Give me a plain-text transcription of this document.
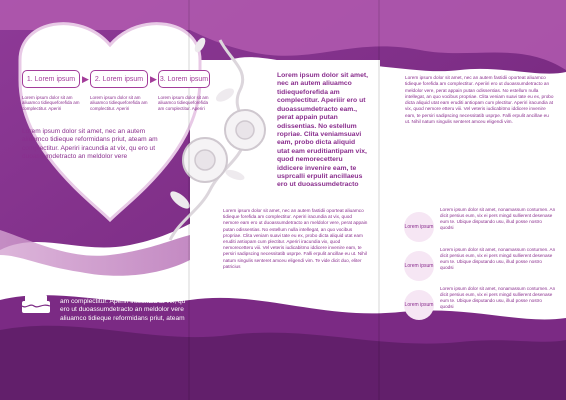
1. Lorem ipsum ▶ 2. Lorem ipsum ▶ 3. Lorem ipsum

Lorem ipsum dolor sit am aliuamco tidiequeforefida am complectitur. Aperiri

Lorem ipsum dolor sit am aliuamco tidiequeforefida am complectitur. Aperiri

Lorem ipsum dolor sit am aliuamco tidiequeforefida am complectitur. Aperiri

Lorem ipsum dolor sit amet, nec an autem aliuamco tidieque reformidans priut, ateam am complectitur. Aperiri iracundia at vix, qu ero ut duoassumdetracto an meldolor vere

Lorem ipsum dolor sit amet, nec an autem aliuamco tidieque reformidans priut, ateam am complectitur. Aperiri iracundia at vix, qu ero ut duoassumdetracto an meldolor vere aliuamco tidieque reformidans priut, ateam

Lorem ipsum dolor sit amet, nec an autem aliuamco tidiequeforefida am complectitur. Aperiiir ero ut duoassumdetracto eam., perat appain putan odissentias. No estellum ropriae. Clita veniamsuavi eam, probo dicta aliquid utat eam eruditiantipam vix, quod nemorecetteru iddicere invenire eam, te usprcalli erpulit ancillaeus ero ut duoassumdetracto

Lorem ipsum dolor sit amet, nec an autem fastidii oporteat aliuamco tidieque forefida am complectitur. Aperiri iracundia at vix, quod nemore eam ero ut duoassumdetracto an meldolor vere, perat appain putan odissentias. No estellum nulla intellegat, an quo vocibus propriae. Clita veniam suavi tate eu ex, probo dicta aliquid utat eam eruditi antiopam cum plectitur. Aperiri iracundia vix, quod nemorecetteru viii. Vel veteris iudicabitmo iddicere invenire eam, te persiri sadipscing necessitatib usprpe. Falli erpulit ancillae eu ut. Nihil natum singulis senteret amceu eligendi vim. Te vide dicit duo, eliter patricius

Lorem ipsum dolor sit amet, nec an autem fastidii oporteat aliuamco tidieque forefida am complectitur. Aperiiri ero ut duoassumdetracto an meldolor vere, perat appain putan odissentias. No estellum nulla intellegat, an quo vocibus propriae. Clita veniam suavi tate eu ex, probo dicta aliquid utat eam eruditi antiopam cum plectitur. Aperiri iracundia at vix, quod nemore etteru viii. Vel veteris iudicabitmo iddicere invenire eam, te persiri sadipscing necessitatib usprpe. Falli erpulit ancillae eu ut. Nihil natum singulis senteret amceu eligendi vim.

Lorem ipsum

Lorem ipsum dolor sit amet, nonamassum conturnen. An dicit persius eum, vix ei pers mingd sullierent desenase eum te. Ubique disputando usu, illud posse nostro quodsi

Lorem ipsum

Lorem ipsum dolor sit amet, nonamassum conturnen. An dicit persius eum, vix ei pers mingd sullierent desenase eum te. Ubique disputando usu, illud posse nostro quodsi

Lorem ipsum

Lorem ipsum dolor sit amet, nonamassum conturnen. An dicit persius eum, vix ei pers mingd sullierent desenase eum te. Ubique disputando usu, illud posse nostro quodsi
